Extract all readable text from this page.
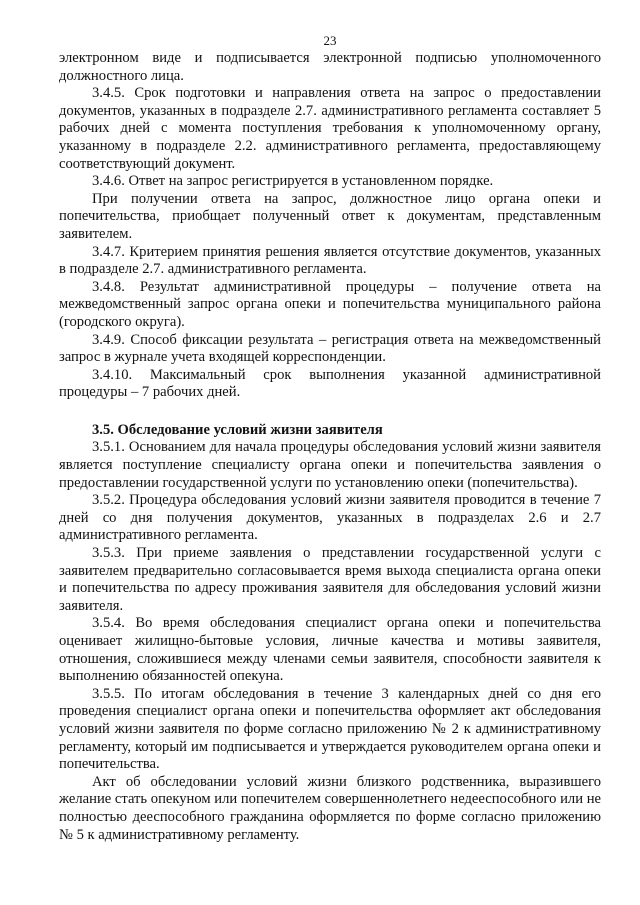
23

электронном виде и подписывается электронной подписью уполномоченного должностного лица.

3.4.5. Срок подготовки и направления ответа на запрос о предоставлении документов, указанных в подразделе 2.7. административного регламента составляет 5 рабочих дней с момента поступления требования к уполномоченному органу, указанному в подразделе 2.2. административного регламента, предоставляющему соответствующий документ.

3.4.6. Ответ на запрос регистрируется в установленном порядке.

При получении ответа на запрос, должностное лицо органа опеки и попечительства, приобщает полученный ответ к документам, представленным заявителем.

3.4.7. Критерием принятия решения является отсутствие документов, указанных в подразделе 2.7. административного регламента.

3.4.8. Результат административной процедуры – получение ответа на межведомственный запрос органа опеки и попечительства муниципального района (городского округа).

3.4.9. Способ фиксации результата – регистрация ответа на межведомственный запрос в журнале учета входящей корреспонденции.

3.4.10. Максимальный срок выполнения указанной административной процедуры – 7 рабочих дней.

3.5. Обследование условий жизни заявителя

3.5.1. Основанием для начала процедуры обследования условий жизни заявителя является поступление специалисту органа опеки и попечительства заявления о предоставлении государственной услуги по установлению опеки (попечительства).

3.5.2. Процедура обследования условий жизни заявителя проводится в течение 7 дней со дня получения документов, указанных в подразделах 2.6 и 2.7 административного регламента.

3.5.3. При приеме заявления о представлении государственной услуги с заявителем предварительно согласовывается время выхода специалиста органа опеки и попечительства по адресу проживания заявителя для обследования условий жизни заявителя.

3.5.4. Во время обследования специалист органа опеки и попечительства оценивает жилищно-бытовые условия, личные качества и мотивы заявителя, отношения, сложившиеся между членами семьи заявителя, способности заявителя к выполнению обязанностей опекуна.

3.5.5. По итогам обследования в течение 3 календарных дней со дня его проведения специалист органа опеки и попечительства оформляет акт обследования условий жизни заявителя по форме согласно приложению № 2 к административному регламенту, который им подписывается и утверждается руководителем органа опеки и попечительства.

Акт об обследовании условий жизни близкого родственника, выразившего желание стать опекуном или попечителем совершеннолетнего недееспособного или не полностью дееспособного гражданина оформляется по форме согласно приложению № 5 к административному регламенту.
